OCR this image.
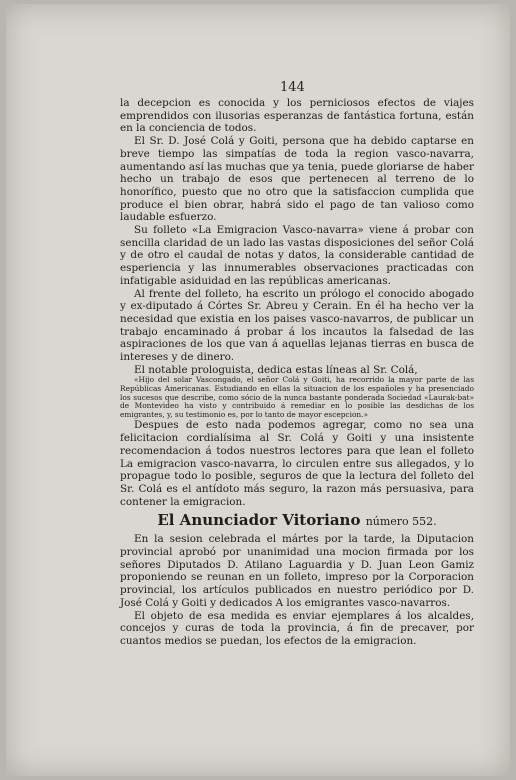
144

la decepcion es conocida y los perniciosos efectos de viajes emprendidos con ilusorias esperanzas de fantástica fortuna, están en la conciencia de todos.

El Sr. D. José Colá y Goiti, persona que ha debido captarse en breve tiempo las simpatías de toda la region vasco-navarra, aumentando así las muchas que ya tenia, puede gloriarse de haber hecho un trabajo de esos que pertenecen al terreno de lo honorífico, puesto que no otro que la satisfaccion cumplida que produce el bien obrar, habrá sido el pago de tan valioso como laudable esfuerzo.

Su folleto «La Emigracion Vasco-navarra» viene á probar con sencilla claridad de un lado las vastas disposiciones del señor Colá y de otro el caudal de notas y datos, la considerable cantidad de esperiencia y las innumerables observaciones practicadas con infatigable asiduidad en las repúblicas americanas.

Al frente del folleto, ha escrito un prólogo el conocido abogado y ex-diputado á Córtes Sr. Abreu y Cerain. En él ha hecho ver la necesidad que existia en los paises vasco-navarros, de publicar un trabajo encaminado á probar á los incautos la falsedad de las aspiraciones de los que van á aquellas lejanas tierras en busca de intereses y de dinero.

El notable prologuista, dedica estas líneas al Sr. Colá,

«Hijo del solar Vascongado, el señor Colá y Goiti, ha recorrido la mayor parte de las Repúblicas Americanas. Estudiando en ellas la situacion de los españoles y ha presenciado los sucesos que describe, como sócio de la nunca bastante ponderada Sociedad «Laurak-bat» de Montevideo ha visto y contribuido á remediar en lo posible las desdichas de los emigrantes, y, su testimonio es, por lo tanto de mayor escepcion.»

Despues de esto nada podemos agregar, como no sea una felicitacion cordialísima al Sr. Colá y Goiti y una insistente recomendacion á todos nuestros lectores para que lean el folleto La emigracion vasco-navarra, lo circulen entre sus allegados, y lo propague todo lo posible, seguros de que la lectura del folleto del Sr. Colá es el antídoto más seguro, la razon más persuasiva, para contener la emigracion.

El Anunciador Vitoriano número 552.

En la sesion celebrada el mártes por la tarde, la Diputacion provincial aprobó por unanimidad una mocion firmada por los señores Diputados D. Atilano Laguardia y D. Juan Leon Gamiz proponiendo se reunan en un folleto, impreso por la Corporacion provincial, los artículos publicados en nuestro periódico por D. José Colá y Goiti y dedicados A los emigrantes vasco-navarros.

El objeto de esa medida es enviar ejemplares á los alcaldes, concejos y curas de toda la provincia, á fin de precaver, por cuantos medios se puedan, los efectos de la emigracion.
